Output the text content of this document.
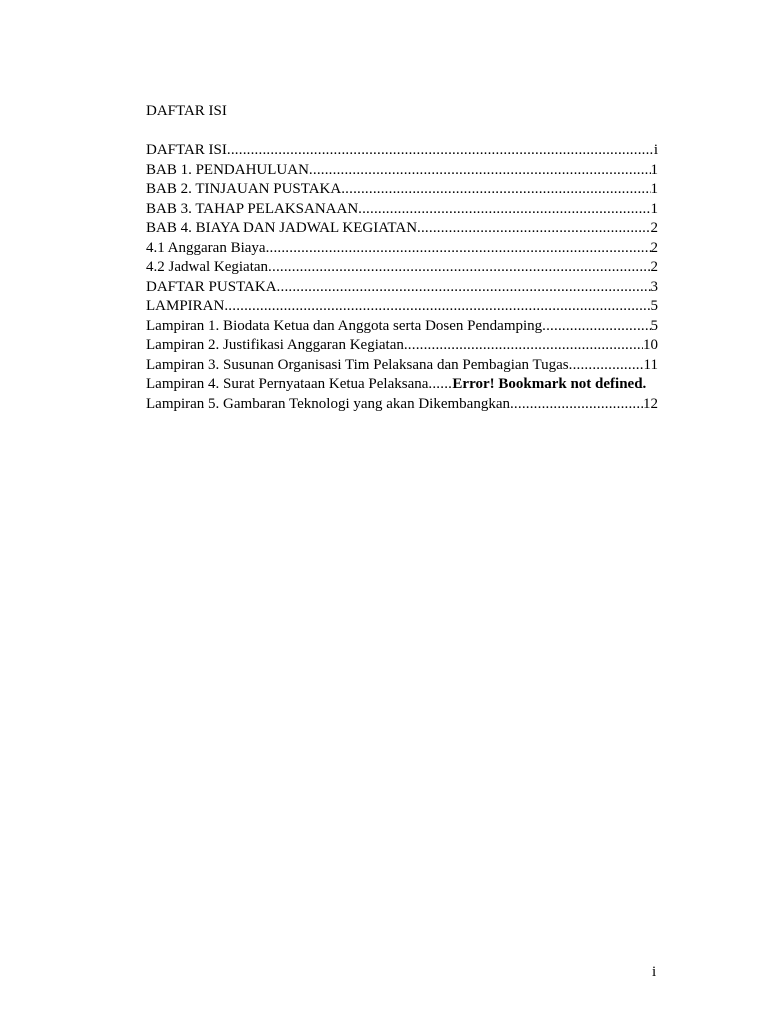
DAFTAR ISI
DAFTAR ISI .....	i
BAB 1. PENDAHULUAN .....	1
BAB 2. TINJAUAN PUSTAKA .....	1
BAB 3. TAHAP PELAKSANAAN .....	1
BAB 4. BIAYA DAN JADWAL KEGIATAN .....	2
4.1 Anggaran Biaya .....	2
4.2 Jadwal Kegiatan .....	2
DAFTAR PUSTAKA .....	3
LAMPIRAN .....	5
Lampiran 1. Biodata Ketua dan Anggota serta Dosen Pendamping .....	5
Lampiran 2. Justifikasi Anggaran Kegiatan .....	10
Lampiran 3. Susunan Organisasi Tim Pelaksana dan Pembagian Tugas .....	11
Lampiran 4. Surat Pernyataan Ketua Pelaksana ..... Error! Bookmark not defined.
Lampiran 5. Gambaran Teknologi yang akan Dikembangkan .....	12
i
